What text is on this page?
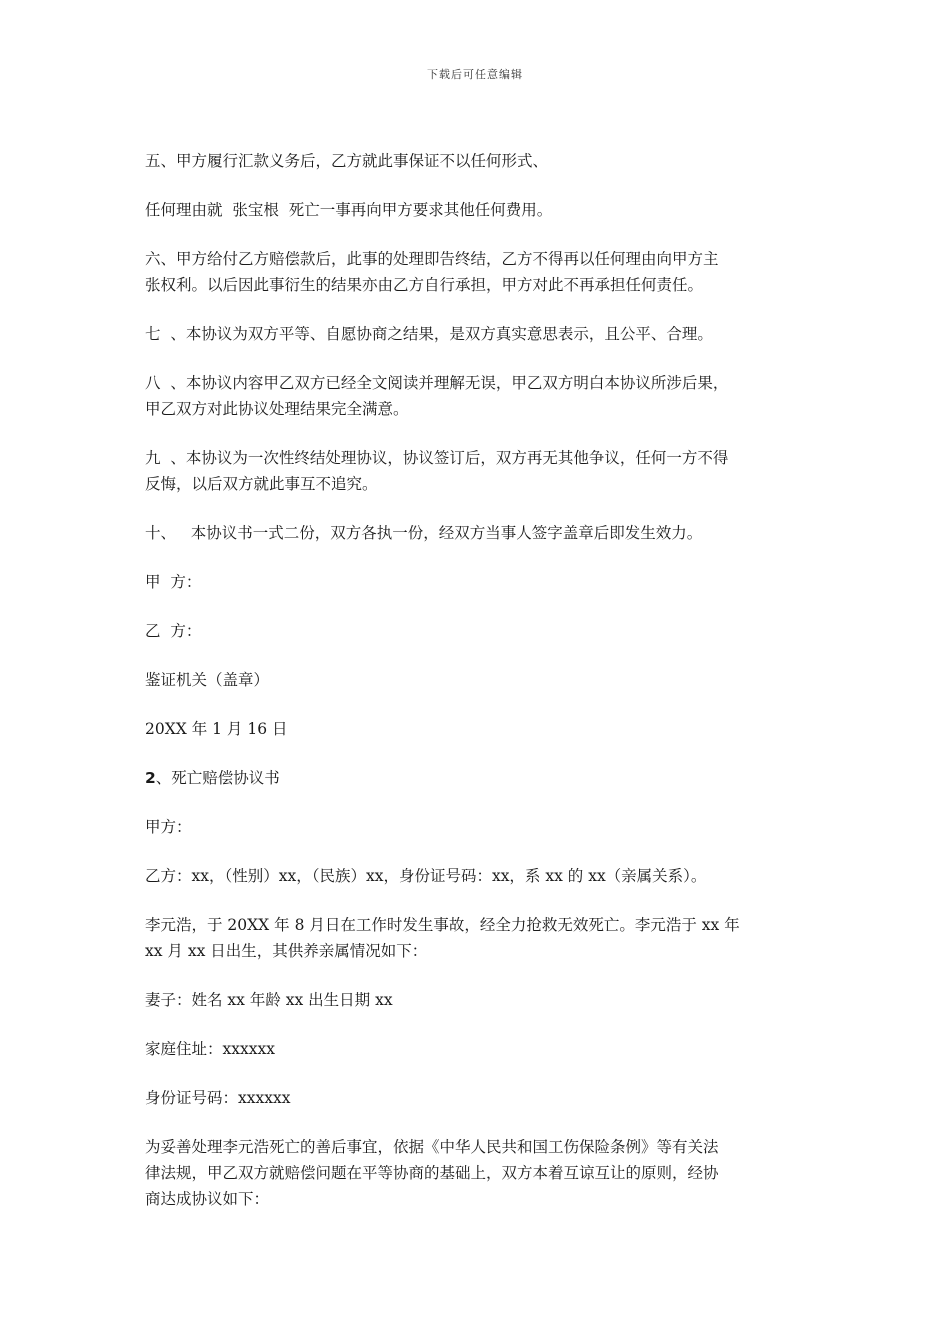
下载后可任意编辑
五、甲方履行汇款义务后，乙方就此事保证不以任何形式、
任何理由就  张宝根  死亡一事再向甲方要求其他任何费用。
六、甲方给付乙方赔偿款后，此事的处理即告终结，乙方不得再以任何理由向甲方主
张权利。以后因此事衍生的结果亦由乙方自行承担，甲方对此不再承担任何责任。
七  、本协议为双方平等、自愿协商之结果，是双方真实意思表示，且公平、合理。
八  、本协议内容甲乙双方已经全文阅读并理解无误，甲乙双方明白本协议所涉后果，
甲乙双方对此协议处理结果完全满意。
九  、本协议为一次性终结处理协议，协议签订后，双方再无其他争议，任何一方不得
反悔，以后双方就此事互不追究。
十、   本协议书一式二份，双方各执一份，经双方当事人签字盖章后即发生效力。
甲  方：
乙  方：
鉴证机关（盖章）
20XX 年 1 月 16 日
2、死亡赔偿协议书
甲方：
乙方：xx，（性别）xx，（民族）xx，身份证号码：xx，系 xx 的 xx（亲属关系）。
李元浩，于 20XX 年 8 月日在工作时发生事故，经全力抢救无效死亡。李元浩于 xx 年
xx 月 xx 日出生，其供养亲属情况如下：
妻子：姓名 xx 年龄 xx 出生日期 xx
家庭住址：xxxxxx
身份证号码：xxxxxx
为妥善处理李元浩死亡的善后事宜，依据《中华人民共和国工伤保险条例》等有关法
律法规，甲乙双方就赔偿问题在平等协商的基础上，双方本着互谅互让的原则，经协
商达成协议如下：
